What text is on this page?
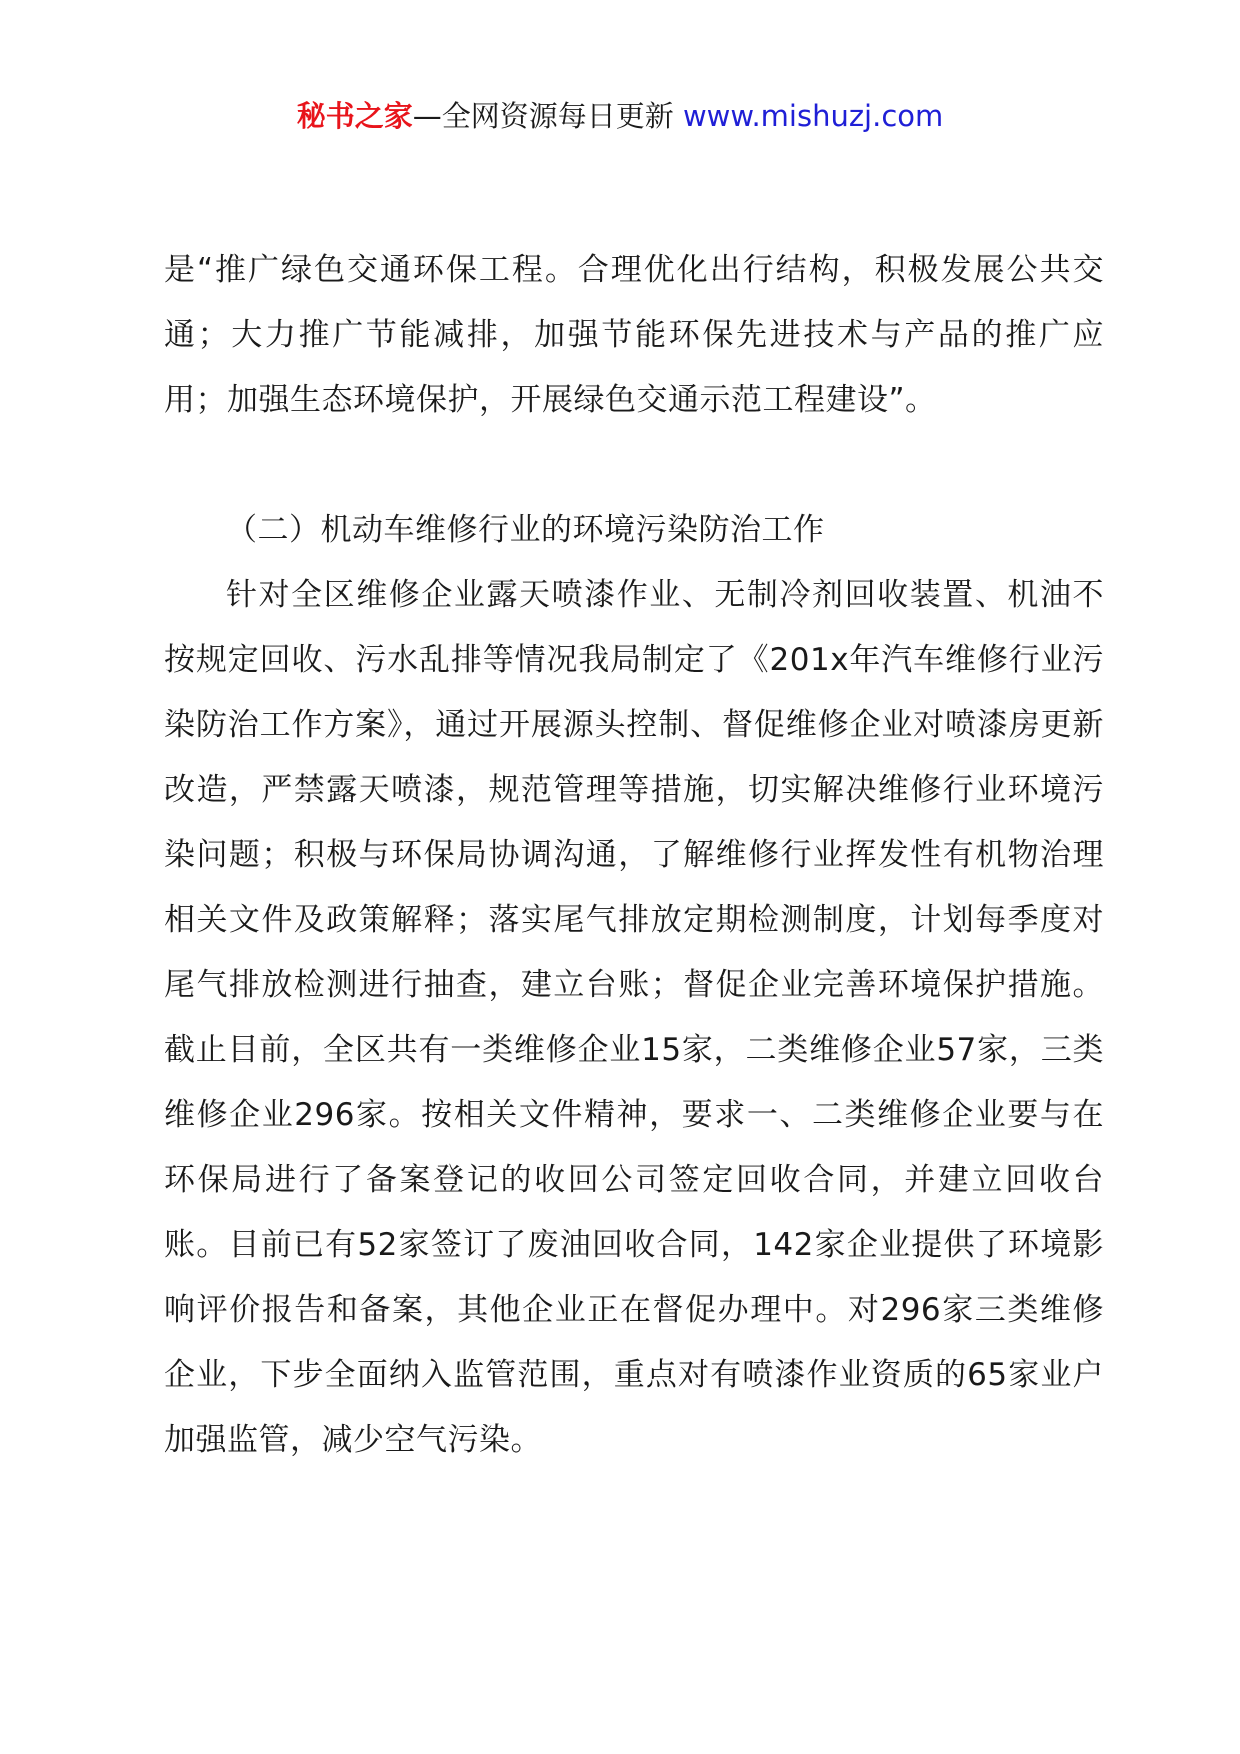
秘书之家—全网资源每日更新 www.mishuzj.com

是“推广绿色交通环保工程。合理优化出行结构，积极发展公共交通；大力推广节能减排，加强节能环保先进技术与产品的推广应用；加强生态环境保护，开展绿色交通示范工程建设”。

（二）机动车维修行业的环境污染防治工作

针对全区维修企业露天喷漆作业、无制冷剂回收装置、机油不按规定回收、污水乱排等情况我局制定了《201x年汽车维修行业污染防治工作方案》，通过开展源头控制、督促维修企业对喷漆房更新改造，严禁露天喷漆，规范管理等措施，切实解决维修行业环境污染问题；积极与环保局协调沟通，了解维修行业挥发性有机物治理相关文件及政策解释；落实尾气排放定期检测制度，计划每季度对尾气排放检测进行抽查，建立台账；督促企业完善环境保护措施。截止目前，全区共有一类维修企业15家，二类维修企业57家，三类维修企业296家。按相关文件精神，要求一、二类维修企业要与在环保局进行了备案登记的收回公司签定回收合同，并建立回收台账。目前已有52家签订了废油回收合同，142家企业提供了环境影响评价报告和备案，其他企业正在督促办理中。对296家三类维修企业，下步全面纳入监管范围，重点对有喷漆作业资质的65家业户加强监管，减少空气污染。
